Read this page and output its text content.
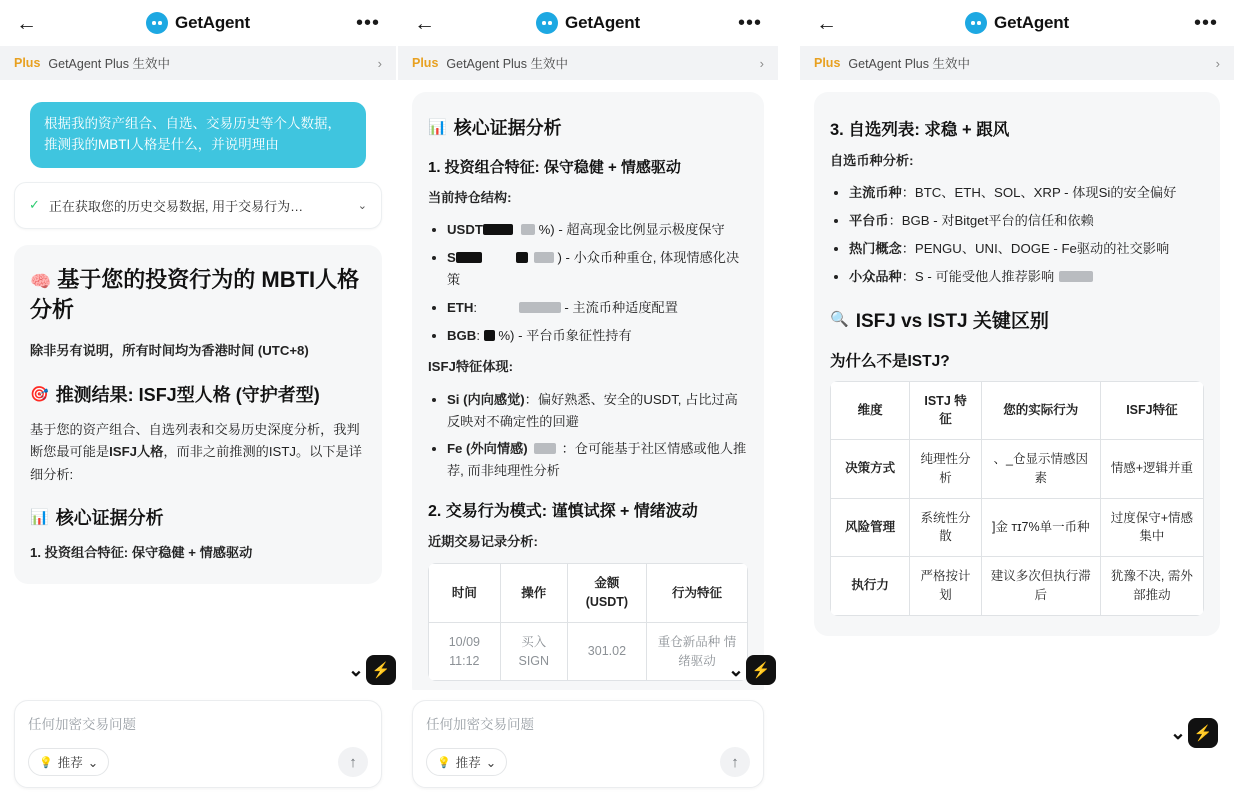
←	GetAgent	•••
Plus GetAgent Plus 生效中	›
根据我的资产组合、自选、交易历史等个人数据，推测我的MBTI人格是什么，并说明理由
✓ 正在获取您的历史交易数据, 用于交易行为…	⌄
🧠 基于您的投资行为的 MBTI人格分析

除非另有说明，所有时间均为香港时间 (UTC+8)

🎯 推测结果: ISFJ型人格 (守护者型)

基于您的资产组合、自选列表和交易历史深度分析，我判断您最可能是ISFJ人格，而非之前推测的ISTJ。以下是详细分析:

📊 核心证据分析

1. 投资组合特征: 保守稳健 + 情感驱动

⌄ ⚡
任何加密交易问题
💡 推荐 ⌄	↑
←	GetAgent	•••
Plus GetAgent Plus 生效中	›
📊 核心证据分析
1. 投资组合特征: 保守稳健 + 情感驱动

当前持仓结构:

• USDT	%) - 超高现金比例显示极度保守
• S	) - 小众币种重仓, 体现情感化决策
• ETH:	- 主流币种适度配置
• BGB:  %) - 平台币象征性持有

ISFJ特征体现:

• Si (内向感觉)：偏好熟悉、安全的USDT, 占比过高反映对不确定性的回避
• Fe (外向情感)	：仓可能基于社区情感或他人推荐, 而非纯理性分析
2. 交易行为模式: 谨慎试探 + 情绪波动

近期交易记录分析:

时间	操作	金额 (USDT)	行为特征
10/09 11:12	买入 SIGN	301.02	重仓新品种 情绪驱动 ⌄ ⚡
任何加密交易问题
💡 推荐 ⌄	↑
←	GetAgent	•••
Plus GetAgent Plus 生效中	›
3. 自选列表: 求稳 + 跟风

自选币种分析:

• 主流币种：BTC、ETH、SOL、XRP - 体现Si的安全偏好
• 平台币：BGB - 对Bitget平台的信任和依赖
• 热门概念：PENGU、UNI、DOGE - Fe驱动的社交影响
• 小众品种：S - 可能受他人推荐影响
🔍 ISFJ vs ISTJ 关键区别
为什么不是ISTJ?
维度	ISTJ 特征	您的实际行为	ISFJ特征
决策方式	纯理性分析	、_仓显示情感因素	情感+逻辑并重
风险管理	系统性分散	]金 ᴛɪ7%单一币种	过度保守+情感集中
执行力	严格按计划	建议多次但执行滞后	犹豫不决, 需外部推动
⌄ ⚡
